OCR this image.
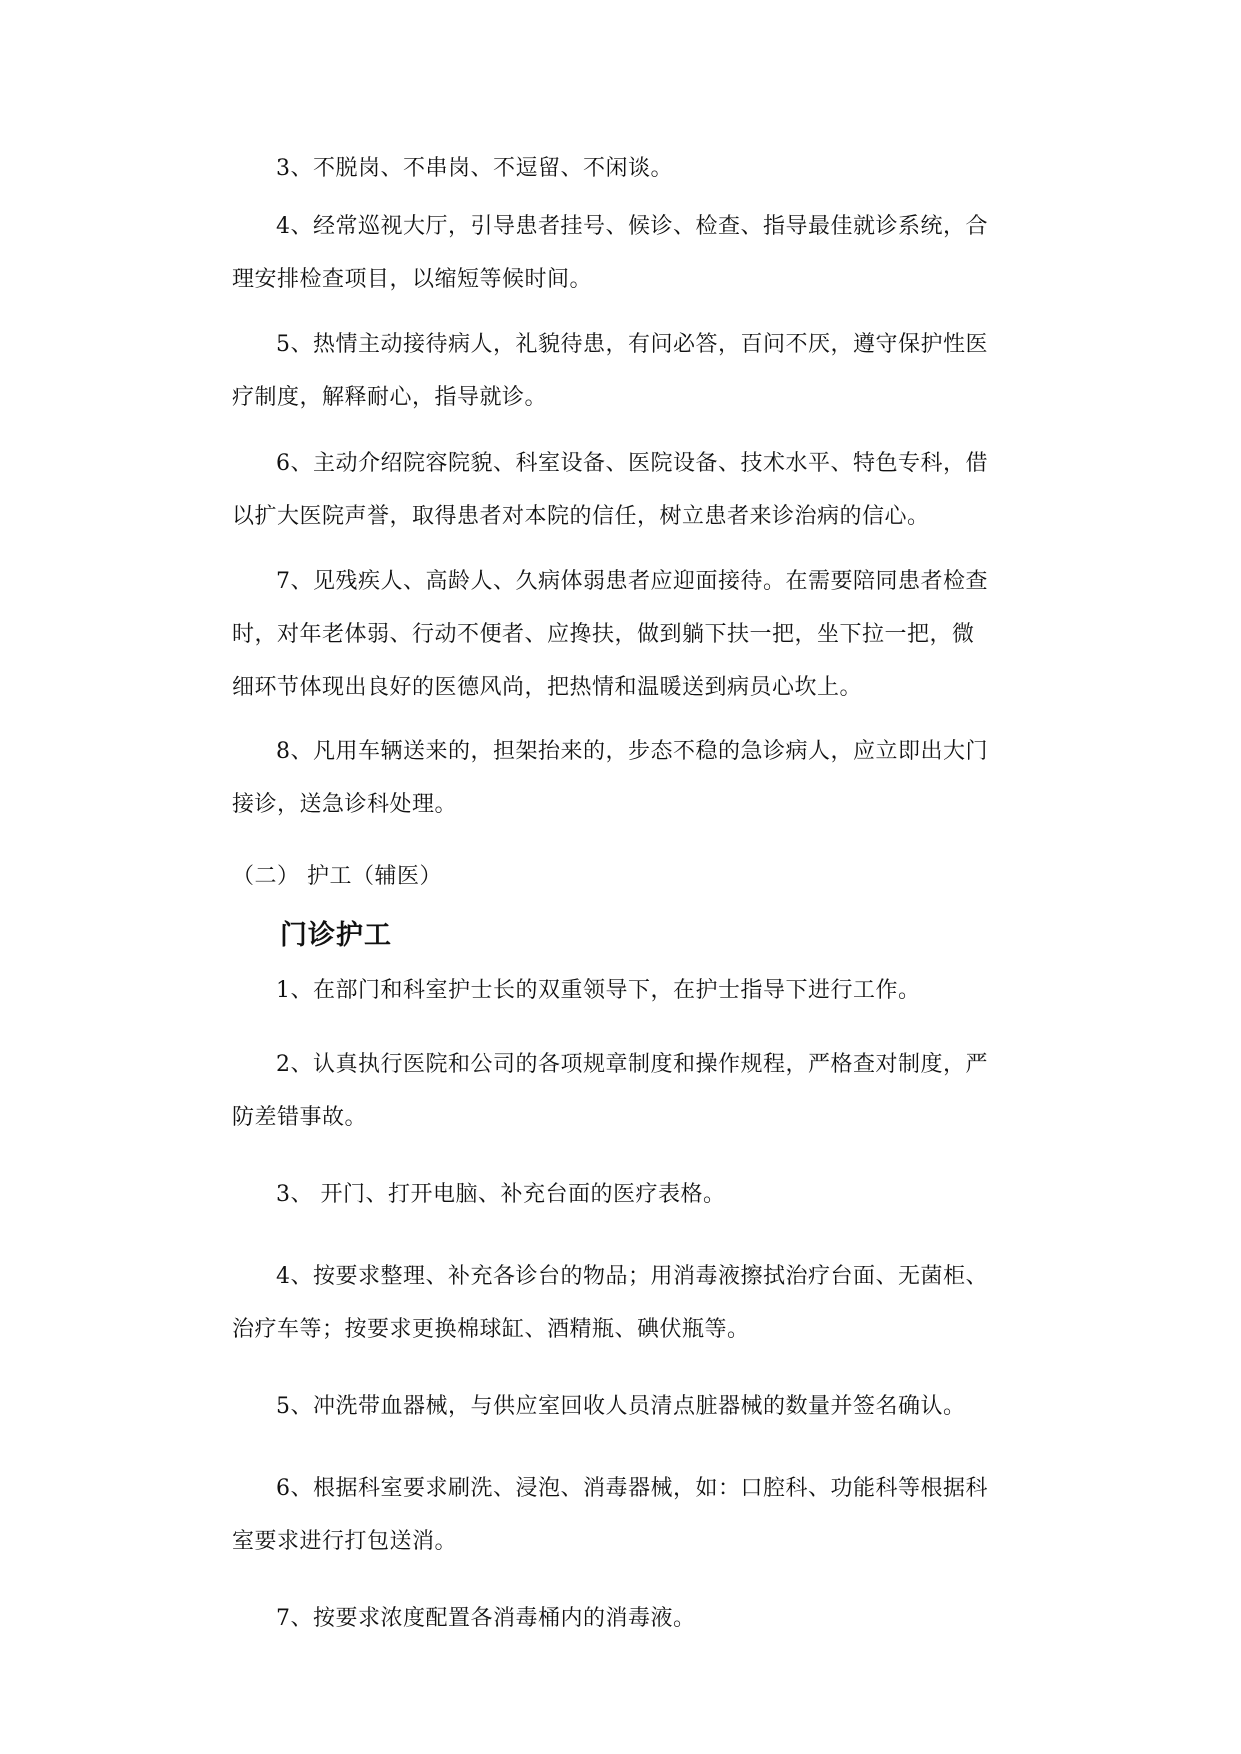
3、不脱岗、不串岗、不逗留、不闲谈。
4、经常巡视大厅，引导患者挂号、候诊、检查、指导最佳就诊系统，合
理安排检查项目，以缩短等候时间。
5、热情主动接待病人，礼貌待患，有问必答，百问不厌，遵守保护性医
疗制度，解释耐心，指导就诊。
6、主动介绍院容院貌、科室设备、医院设备、技术水平、特色专科，借
以扩大医院声誉，取得患者对本院的信任，树立患者来诊治病的信心。
7、见残疾人、高龄人、久病体弱患者应迎面接待。在需要陪同患者检查
时，对年老体弱、行动不便者、应搀扶，做到躺下扶一把，坐下拉一把，微
细环节体现出良好的医德风尚，把热情和温暖送到病员心坎上。
8、凡用车辆送来的，担架抬来的，步态不稳的急诊病人，应立即出大门
接诊，送急诊科处理。
（二） 护工（辅医）
门诊护工
1、在部门和科室护士长的双重领导下，在护士指导下进行工作。
2、认真执行医院和公司的各项规章制度和操作规程，严格查对制度，严
防差错事故。
3、 开门、打开电脑、补充台面的医疗表格。
4、按要求整理、补充各诊台的物品；用消毒液擦拭治疗台面、无菌柜、
治疗车等；按要求更换棉球缸、酒精瓶、碘伏瓶等。
5、冲洗带血器械，与供应室回收人员清点脏器械的数量并签名确认。
6、根据科室要求刷洗、浸泡、消毒器械，如：口腔科、功能科等根据科
室要求进行打包送消。
7、按要求浓度配置各消毒桶内的消毒液。
